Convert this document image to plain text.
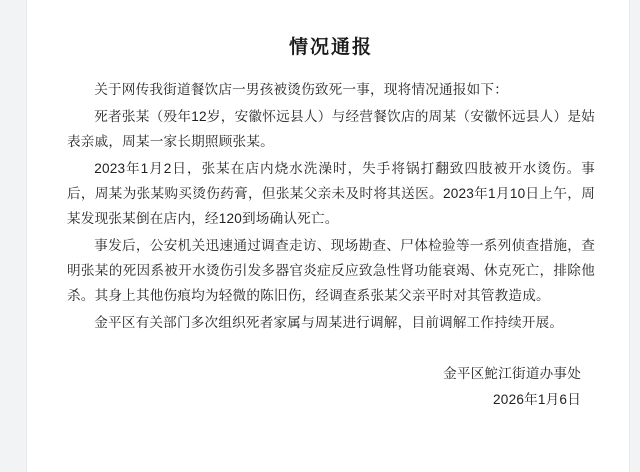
情况通报

关于网传我街道餐饮店一男孩被烫伤致死一事，现将情况通报如下：

死者张某（殁年12岁，安徽怀远县人）与经营餐饮店的周某（安徽怀远县人）是姑表亲戚，周某一家长期照顾张某。

2023年1月2日，张某在店内烧水洗澡时，失手将锅打翻致四肢被开水烫伤。事后，周某为张某购买烫伤药膏，但张某父亲未及时将其送医。2023年1月10日上午，周某发现张某倒在店内，经120到场确认死亡。

事发后，公安机关迅速通过调查走访、现场勘查、尸体检验等一系列侦查措施，查明张某的死因系被开水烫伤引发多器官炎症反应致急性肾功能衰竭、休克死亡，排除他杀。其身上其他伤痕均为轻微的陈旧伤，经调查系张某父亲平时对其管教造成。

金平区有关部门多次组织死者家属与周某进行调解，目前调解工作持续开展。

金平区鮀江街道办事处
2026年1月6日
